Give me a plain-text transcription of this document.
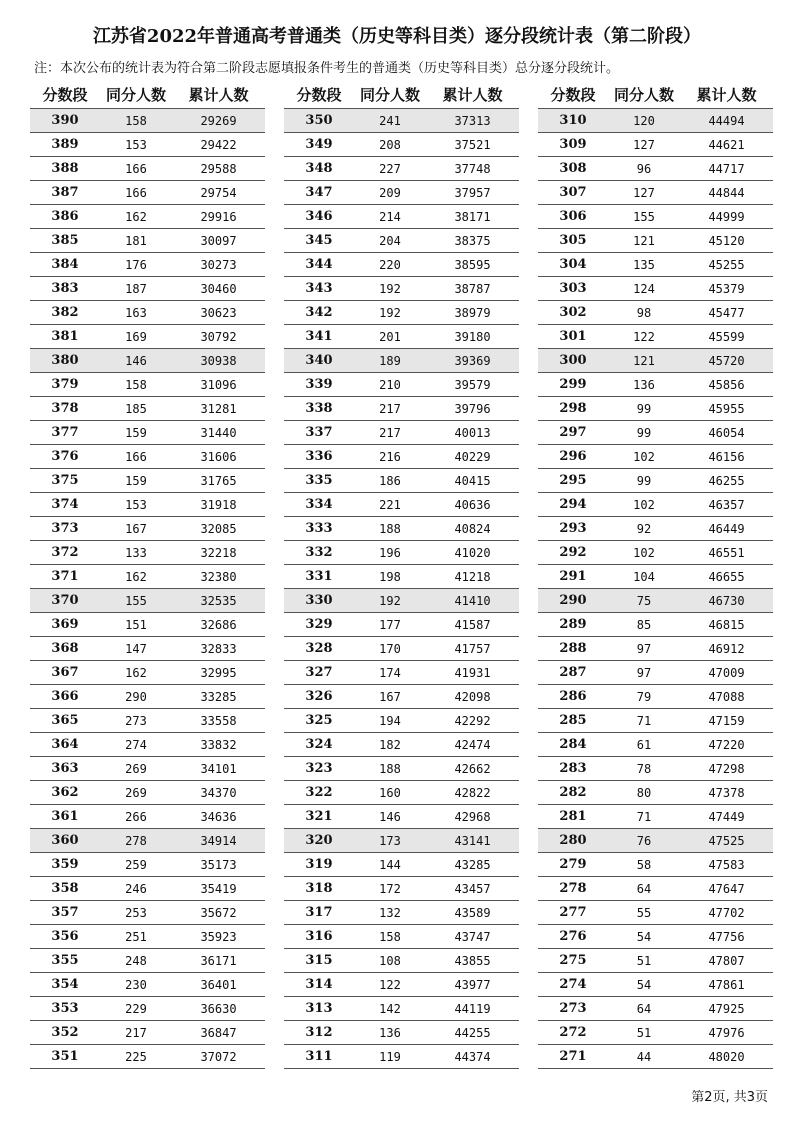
江苏省2022年普通高考普通类（历史等科目类）逐分段统计表（第二阶段）
注：本次公布的统计表为符合第二阶段志愿填报条件考生的普通类（历史等科目类）总分逐分段统计。
分数段	同分人数	累计人数
390	158	29269
389	153	29422
388	166	29588
387	166	29754
386	162	29916
385	181	30097
384	176	30273
383	187	30460
382	163	30623
381	169	30792
380	146	30938
379	158	31096
378	185	31281
377	159	31440
376	166	31606
375	159	31765
374	153	31918
373	167	32085
372	133	32218
371	162	32380
370	155	32535
369	151	32686
368	147	32833
367	162	32995
366	290	33285
365	273	33558
364	274	33832
363	269	34101
362	269	34370
361	266	34636
360	278	34914
359	259	35173
358	246	35419
357	253	35672
356	251	35923
355	248	36171
354	230	36401
353	229	36630
352	217	36847
351	225	37072
分数段	同分人数	累计人数
350	241	37313
349	208	37521
348	227	37748
347	209	37957
346	214	38171
345	204	38375
344	220	38595
343	192	38787
342	192	38979
341	201	39180
340	189	39369
339	210	39579
338	217	39796
337	217	40013
336	216	40229
335	186	40415
334	221	40636
333	188	40824
332	196	41020
331	198	41218
330	192	41410
329	177	41587
328	170	41757
327	174	41931
326	167	42098
325	194	42292
324	182	42474
323	188	42662
322	160	42822
321	146	42968
320	173	43141
319	144	43285
318	172	43457
317	132	43589
316	158	43747
315	108	43855
314	122	43977
313	142	44119
312	136	44255
311	119	44374
分数段	同分人数	累计人数
310	120	44494
309	127	44621
308	96	44717
307	127	44844
306	155	44999
305	121	45120
304	135	45255
303	124	45379
302	98	45477
301	122	45599
300	121	45720
299	136	45856
298	99	45955
297	99	46054
296	102	46156
295	99	46255
294	102	46357
293	92	46449
292	102	46551
291	104	46655
290	75	46730
289	85	46815
288	97	46912
287	97	47009
286	79	47088
285	71	47159
284	61	47220
283	78	47298
282	80	47378
281	71	47449
280	76	47525
279	58	47583
278	64	47647
277	55	47702
276	54	47756
275	51	47807
274	54	47861
273	64	47925
272	51	47976
271	44	48020
第2页, 共3页
